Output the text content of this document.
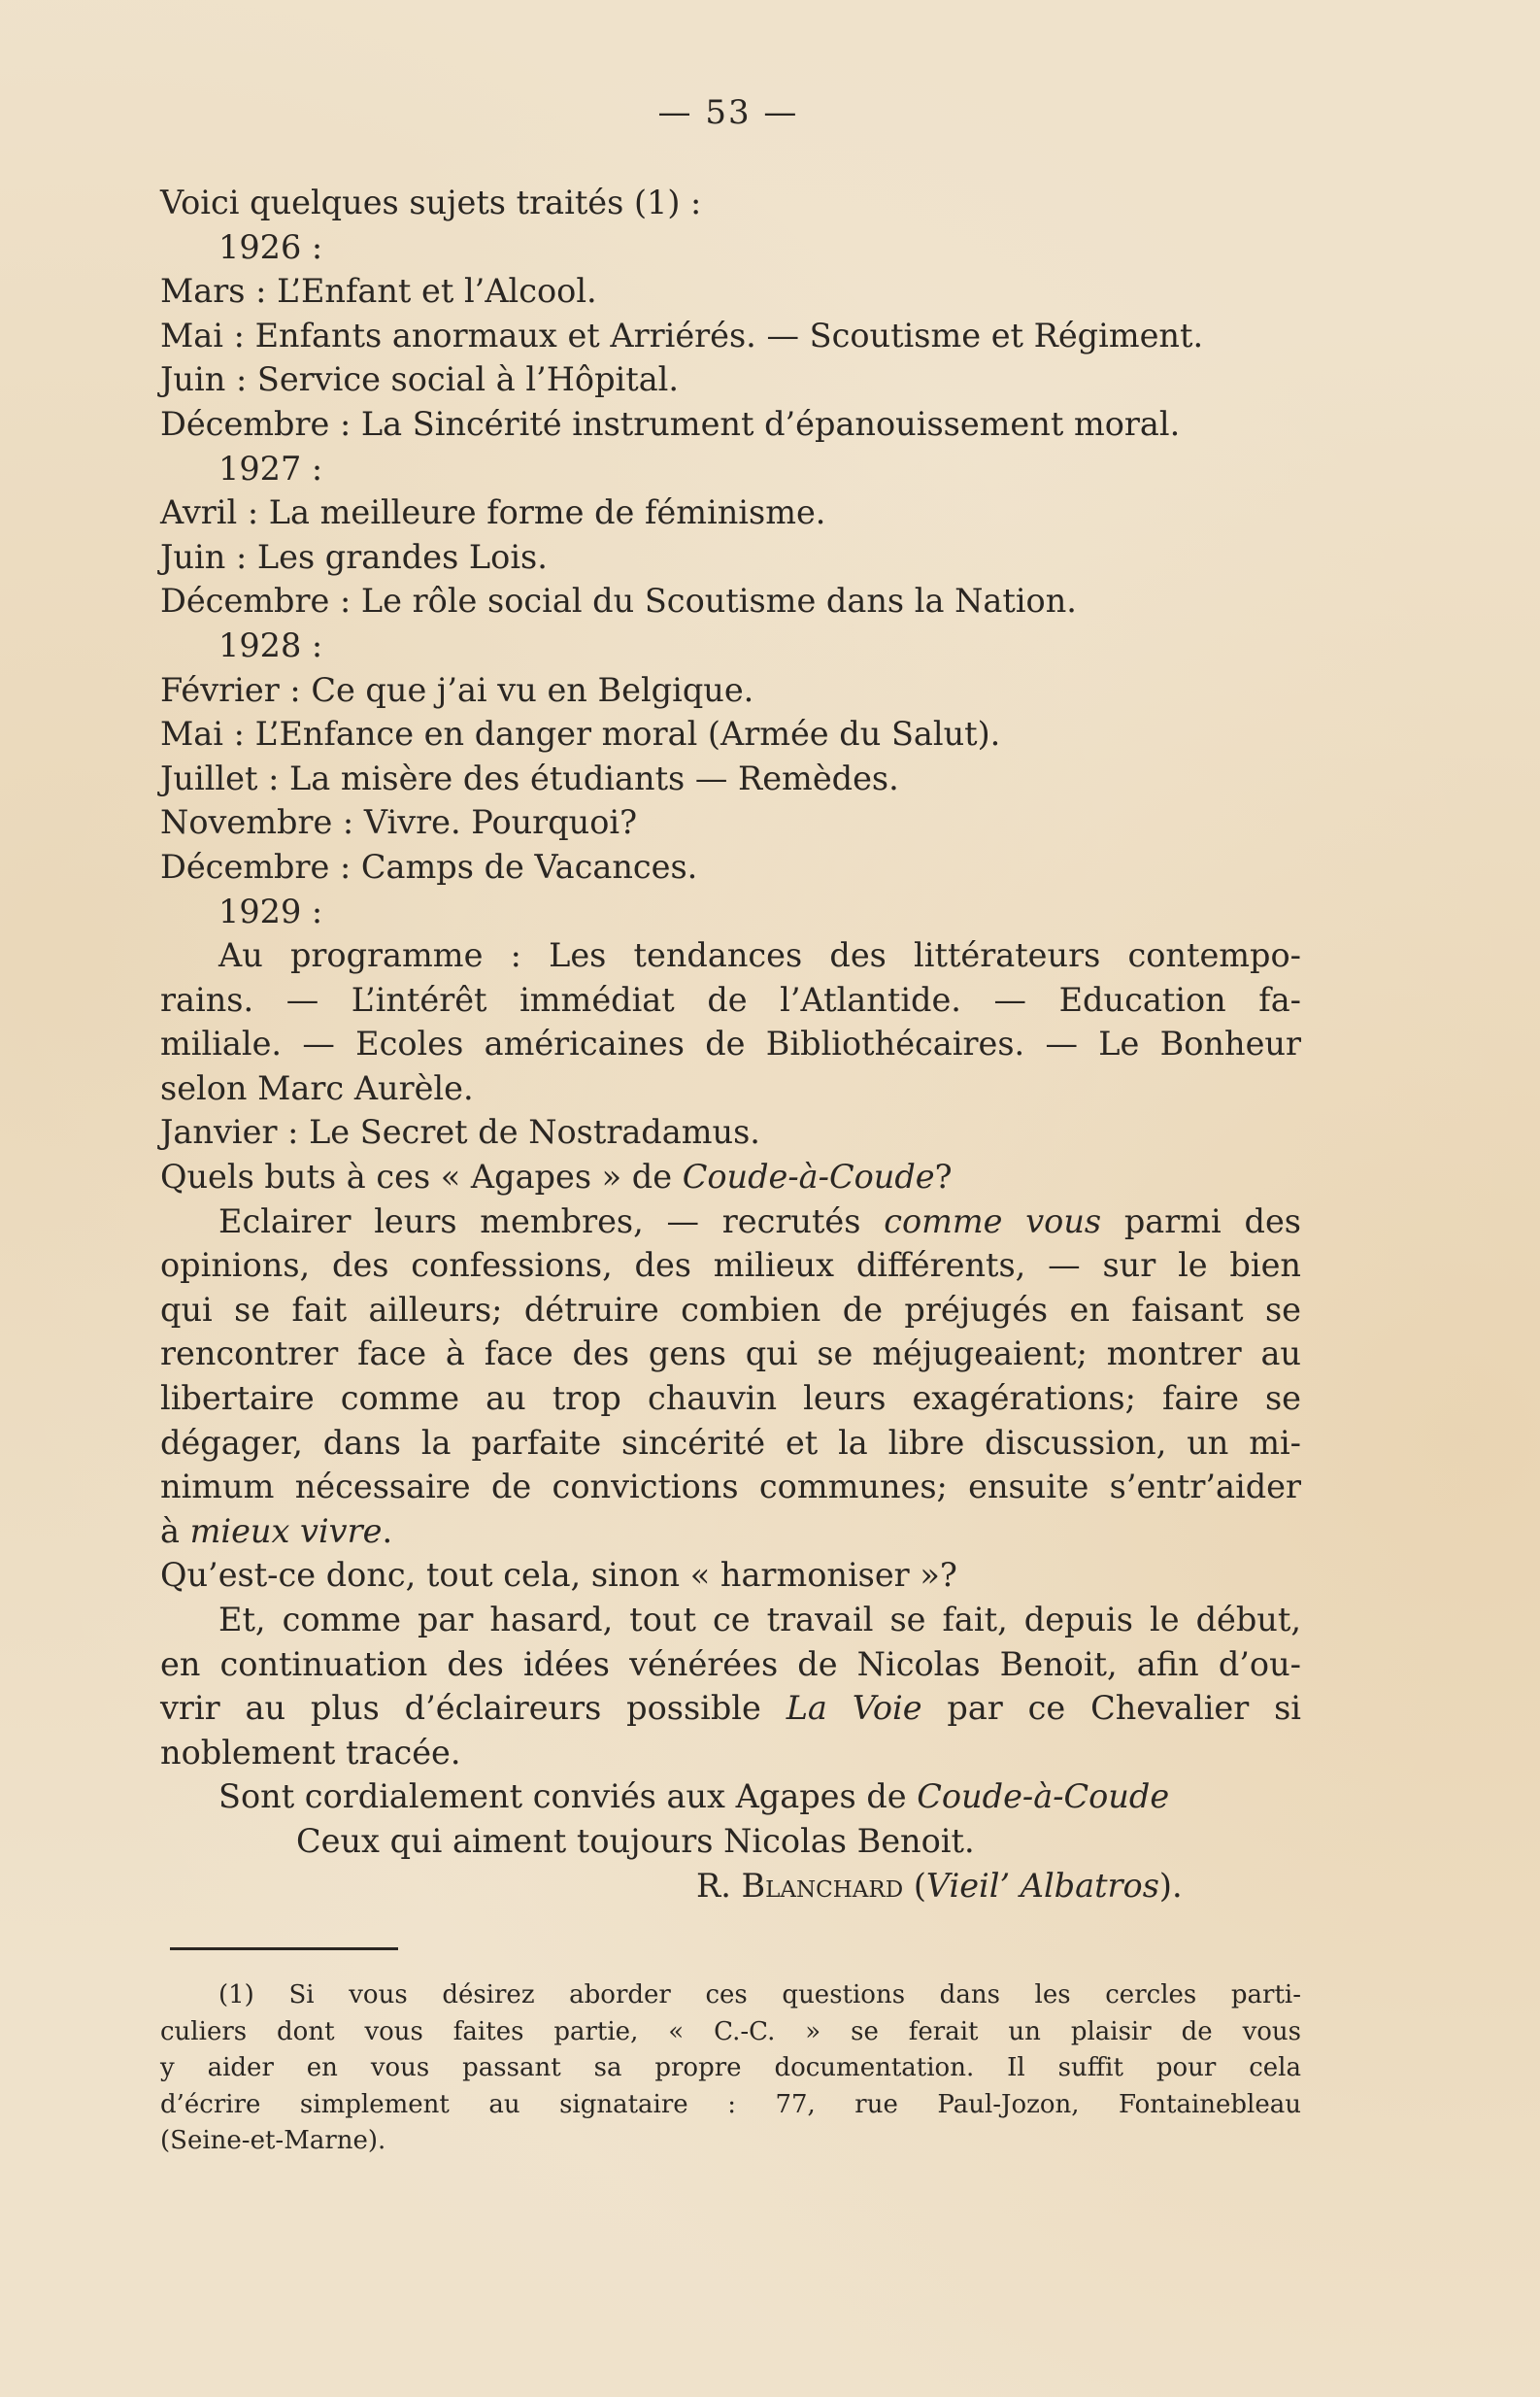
— 53 —
Voici quelques sujets traités (1) :
1926 :
Mars : L’Enfant et l’Alcool.
Mai : Enfants anormaux et Arriérés. — Scoutisme et Régiment.
Juin : Service social à l’Hôpital.
Décembre : La Sincérité instrument d’épanouissement moral.
1927 :
Avril : La meilleure forme de féminisme.
Juin : Les grandes Lois.
Décembre : Le rôle social du Scoutisme dans la Nation.
1928 :
Février : Ce que j’ai vu en Belgique.
Mai : L’Enfance en danger moral (Armée du Salut).
Juillet : La misère des étudiants — Remèdes.
Novembre : Vivre. Pourquoi?
Décembre : Camps de Vacances.
1929 :
Au programme : Les tendances des littérateurs contempo-
rains. — L’intérêt immédiat de l’Atlantide. — Education fa-
miliale. — Ecoles américaines de Bibliothécaires. — Le Bonheur
selon Marc Aurèle.
Janvier : Le Secret de Nostradamus.
Quels buts à ces « Agapes » de Coude-à-Coude?
Eclairer leurs membres, — recrutés comme vous parmi des
opinions, des confessions, des milieux différents, — sur le bien
qui se fait ailleurs; détruire combien de préjugés en faisant se
rencontrer face à face des gens qui se méjugeaient; montrer au
libertaire comme au trop chauvin leurs exagérations; faire se
dégager, dans la parfaite sincérité et la libre discussion, un mi-
nimum nécessaire de convictions communes; ensuite s’entr’aider
à mieux vivre.
Qu’est-ce donc, tout cela, sinon « harmoniser »?
Et, comme par hasard, tout ce travail se fait, depuis le début,
en continuation des idées vénérées de Nicolas Benoit, afin d’ou-
vrir au plus d’éclaireurs possible La Voie par ce Chevalier si
noblement tracée.
Sont cordialement conviés aux Agapes de Coude-à-Coude
Ceux qui aiment toujours Nicolas Benoit.
R. Blanchard (Vieil’ Albatros).
(1) Si vous désirez aborder ces questions dans les cercles parti-
culiers dont vous faites partie, « C.-C. » se ferait un plaisir de vous
y aider en vous passant sa propre documentation. Il suffit pour cela
d’écrire simplement au signataire : 77, rue Paul-Jozon, Fontainebleau
(Seine-et-Marne).
